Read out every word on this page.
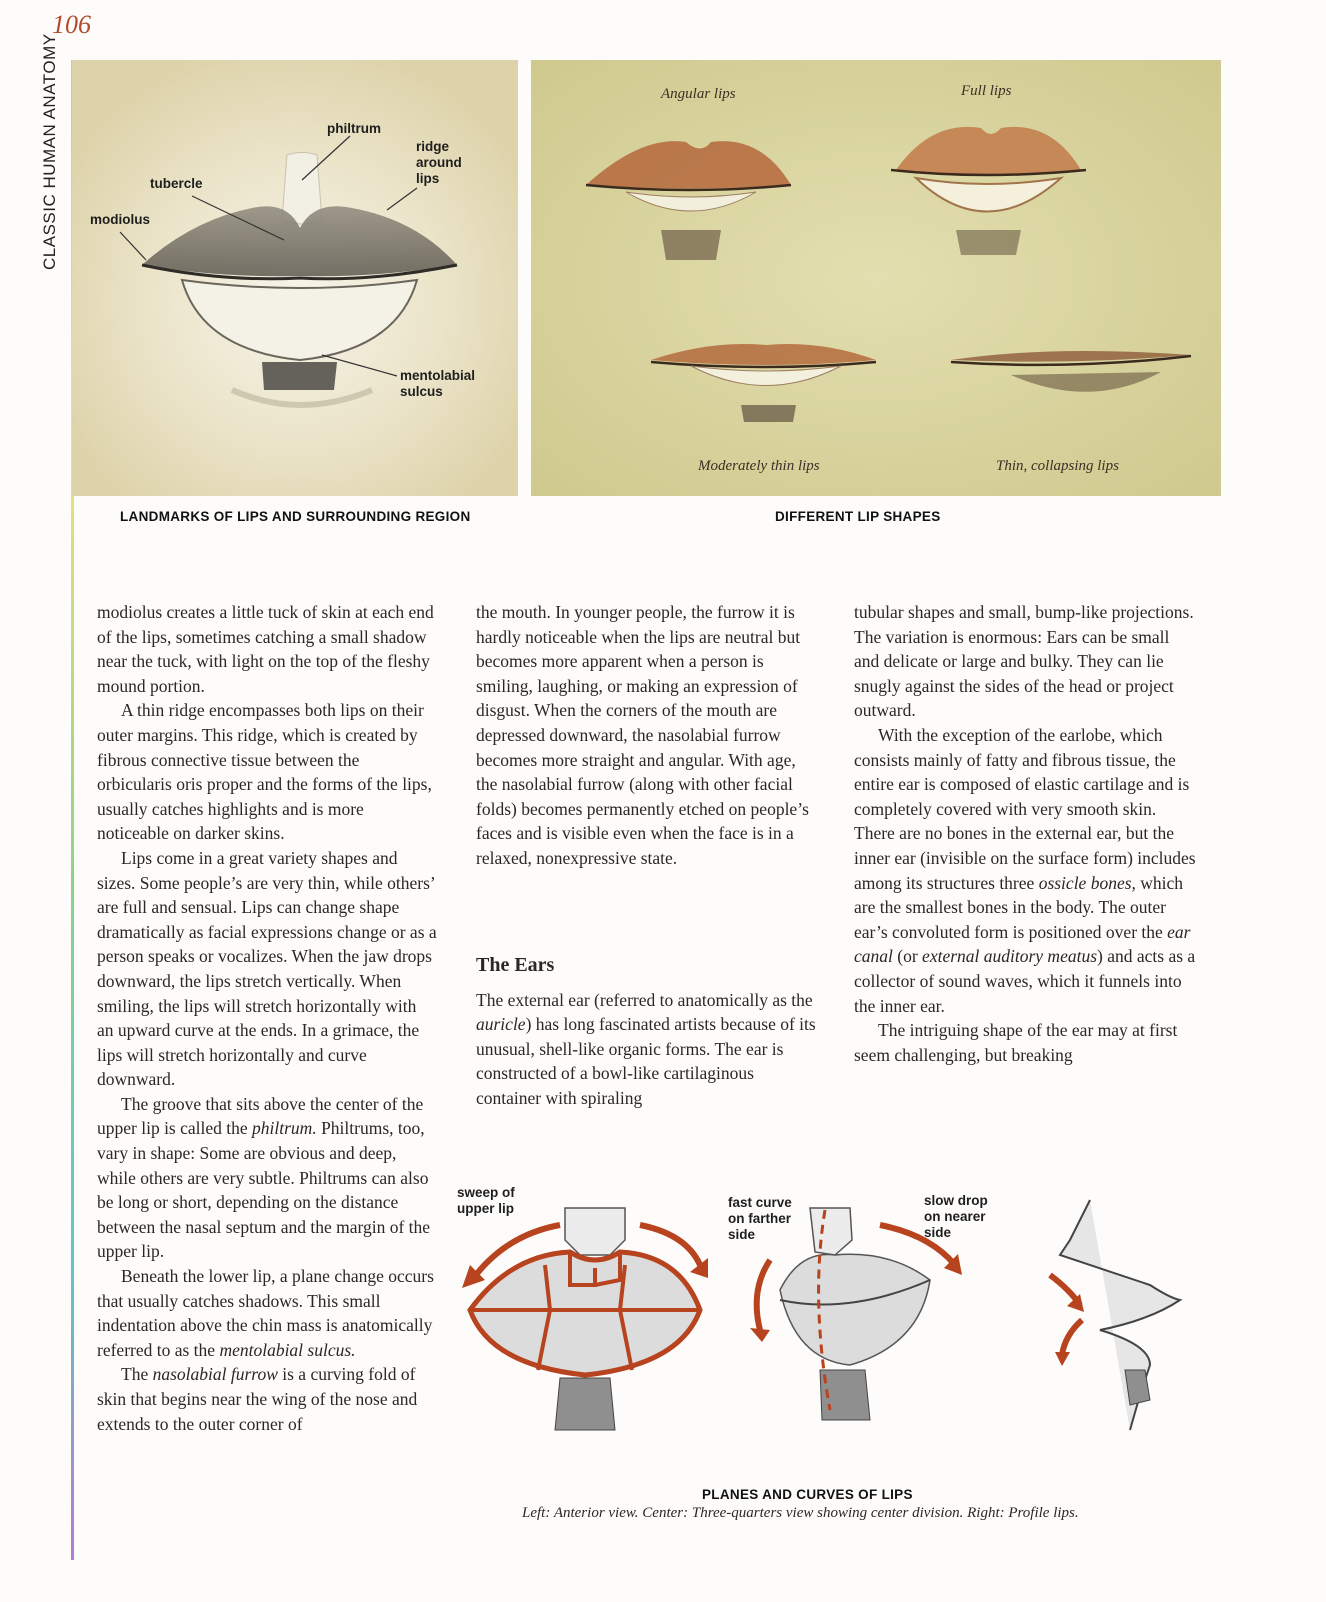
106
CLASSIC HUMAN ANATOMY	philtrum
ridge
around
lips
tubercle
modiolus
mentolabial
sulcus
LANDMARKS OF LIPS AND SURROUNDING REGION
Angular lips	Full lips
Moderately thin lips	Thin, collapsing lips
DIFFERENT LIP SHAPES

modiolus creates a little tuck of skin at each end of the lips, sometimes catching a small shadow near the tuck, with light on the top of the fleshy mound portion.

A thin ridge encompasses both lips on their outer margins. This ridge, which is created by fibrous connective tissue between the orbicularis oris proper and the forms of the lips, usually catches highlights and is more noticeable on darker skins.

Lips come in a great variety shapes and sizes. Some people’s are very thin, while others’ are full and sensual. Lips can change shape dramatically as facial expressions change or as a person speaks or vocalizes. When the jaw drops downward, the lips stretch vertically. When smiling, the lips will stretch horizontally with an upward curve at the ends. In a grimace, the lips will stretch horizontally and curve downward.

The groove that sits above the center of the upper lip is called the philtrum. Philtrums, too, vary in shape: Some are obvious and deep, while others are very subtle. Philtrums can also be long or short, depending on the distance between the nasal septum and the margin of the upper lip.

Beneath the lower lip, a plane change occurs that usually catches shadows. This small indentation above the chin mass is anatomically referred to as the mentolabial sulcus.

The nasolabial furrow is a curving fold of skin that begins near the wing of the nose and extends to the outer corner of

the mouth. In younger people, the furrow it is hardly noticeable when the lips are neutral but becomes more apparent when a person is smiling, laughing, or making an expression of disgust. When the corners of the mouth are depressed downward, the nasolabial furrow becomes more straight and angular. With age, the nasolabial furrow (along with other facial folds) becomes permanently etched on people’s faces and is visible even when the face is in a relaxed, nonexpressive state.

The Ears

The external ear (referred to anatomically as the auricle) has long fascinated artists because of its unusual, shell-like organic forms. The ear is constructed of a bowl-like cartilaginous container with spiraling

tubular shapes and small, bump-like projections. The variation is enormous: Ears can be small and delicate or large and bulky. They can lie snugly against the sides of the head or project outward.

With the exception of the earlobe, which consists mainly of fatty and fibrous tissue, the entire ear is composed of elastic cartilage and is completely covered with very smooth skin. There are no bones in the external ear, but the inner ear (invisible on the surface form) includes among its structures three ossicle bones, which are the smallest bones in the body. The outer ear’s convoluted form is positioned over the ear canal (or external auditory meatus) and acts as a collector of sound waves, which it funnels into the inner ear.

The intriguing shape of the ear may at first seem challenging, but breaking

sweep of
upper lip	fast curve
on farther
side
slow drop
on nearer
side
PLANES AND CURVES OF LIPS
Left: Anterior view. Center: Three-quarters view showing center division. Right: Profile lips.
